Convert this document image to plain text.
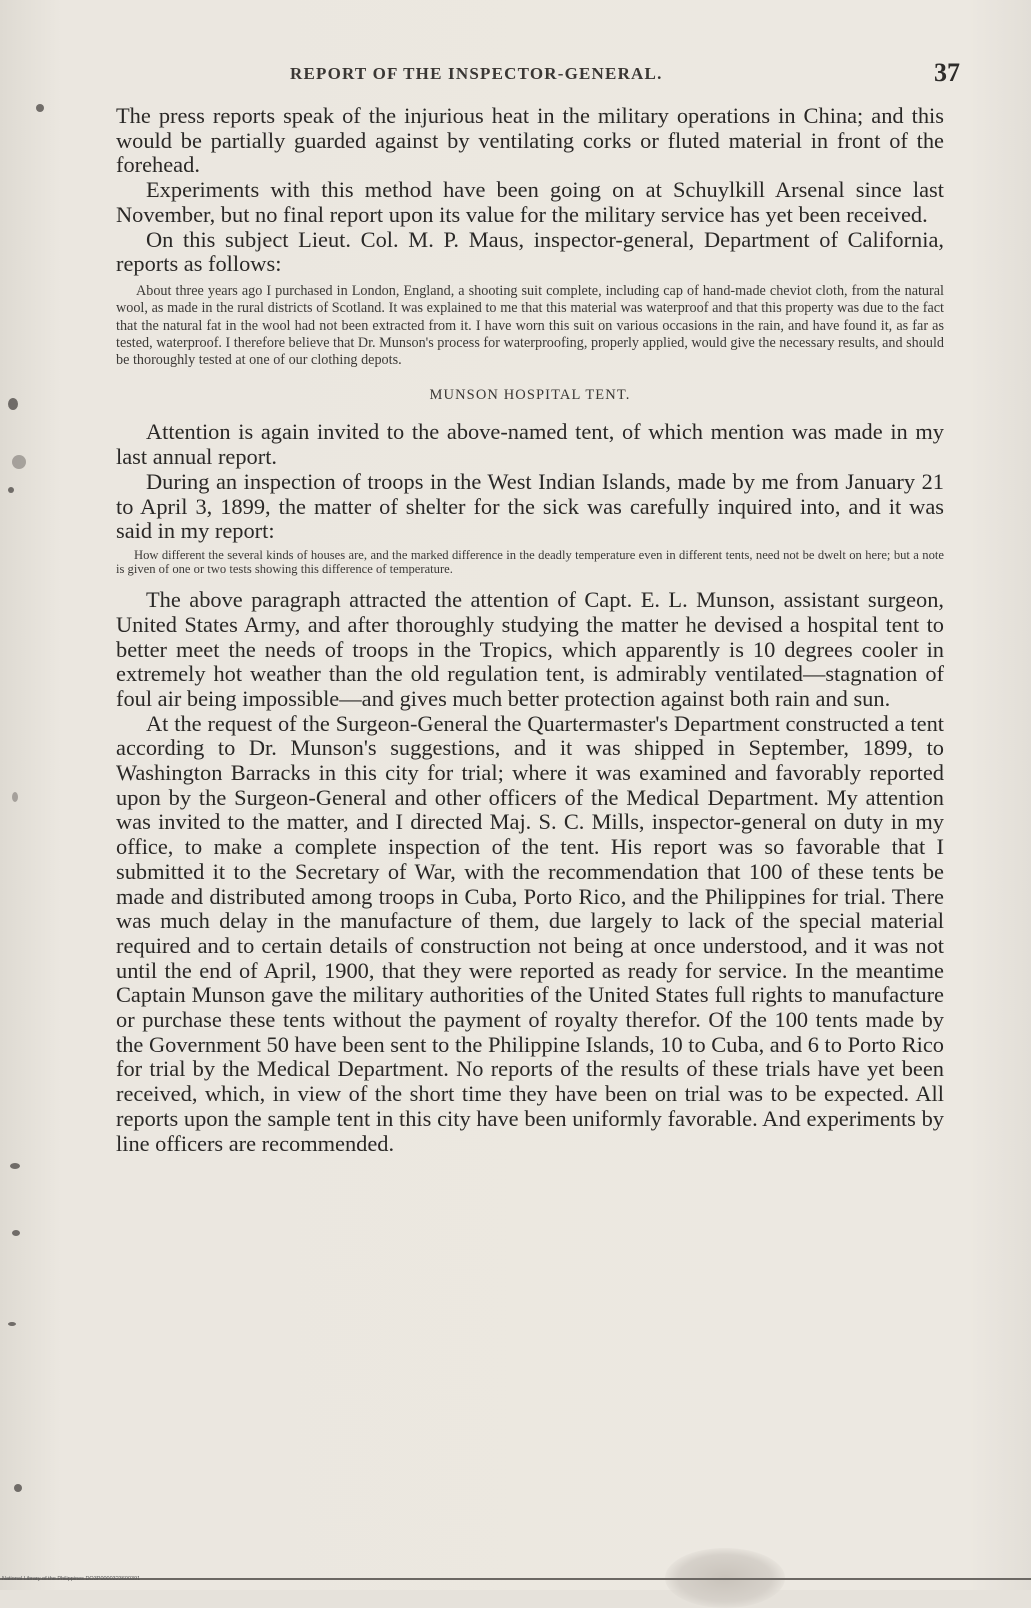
REPORT OF THE INSPECTOR-GENERAL.	37

The press reports speak of the injurious heat in the military operations in China; and this would be partially guarded against by ventilating corks or fluted material in front of the forehead.

Experiments with this method have been going on at Schuylkill Arsenal since last November, but no final report upon its value for the military service has yet been received.

On this subject Lieut. Col. M. P. Maus, inspector-general, Department of California, reports as follows:

About three years ago I purchased in London, England, a shooting suit complete, including cap of hand-made cheviot cloth, from the natural wool, as made in the rural districts of Scotland. It was explained to me that this material was waterproof and that this property was due to the fact that the natural fat in the wool had not been extracted from it. I have worn this suit on various occasions in the rain, and have found it, as far as tested, waterproof. I therefore believe that Dr. Munson's process for waterproofing, properly applied, would give the necessary results, and should be thoroughly tested at one of our clothing depots.

MUNSON HOSPITAL TENT.

Attention is again invited to the above-named tent, of which mention was made in my last annual report.

During an inspection of troops in the West Indian Islands, made by me from January 21 to April 3, 1899, the matter of shelter for the sick was carefully inquired into, and it was said in my report:

How different the several kinds of houses are, and the marked difference in the deadly temperature even in different tents, need not be dwelt on here; but a note is given of one or two tests showing this difference of temperature.

The above paragraph attracted the attention of Capt. E. L. Munson, assistant surgeon, United States Army, and after thoroughly studying the matter he devised a hospital tent to better meet the needs of troops in the Tropics, which apparently is 10 degrees cooler in extremely hot weather than the old regulation tent, is admirably ventilated—stagnation of foul air being impossible—and gives much better protection against both rain and sun.

At the request of the Surgeon-General the Quartermaster's Department constructed a tent according to Dr. Munson's suggestions, and it was shipped in September, 1899, to Washington Barracks in this city for trial; where it was examined and favorably reported upon by the Surgeon-General and other officers of the Medical Department. My attention was invited to the matter, and I directed Maj. S. C. Mills, inspector-general on duty in my office, to make a complete inspection of the tent. His report was so favorable that I submitted it to the Secretary of War, with the recommendation that 100 of these tents be made and distributed among troops in Cuba, Porto Rico, and the Philippines for trial. There was much delay in the manufacture of them, due largely to lack of the special material required and to certain details of construction not being at once understood, and it was not until the end of April, 1900, that they were reported as ready for service. In the meantime Captain Munson gave the military authorities of the United States full rights to manufacture or purchase these tents without the payment of royalty therefor. Of the 100 tents made by the Government 50 have been sent to the Philippine Islands, 10 to Cuba, and 6 to Porto Rico for trial by the Medical Department. No reports of the results of these trials have yet been received, which, in view of the short time they have been on trial was to be expected. All reports upon the sample tent in this city have been uniformly favorable. And experiments by line officers are recommended.

National Library of the Philippines DO3P0000323600391
